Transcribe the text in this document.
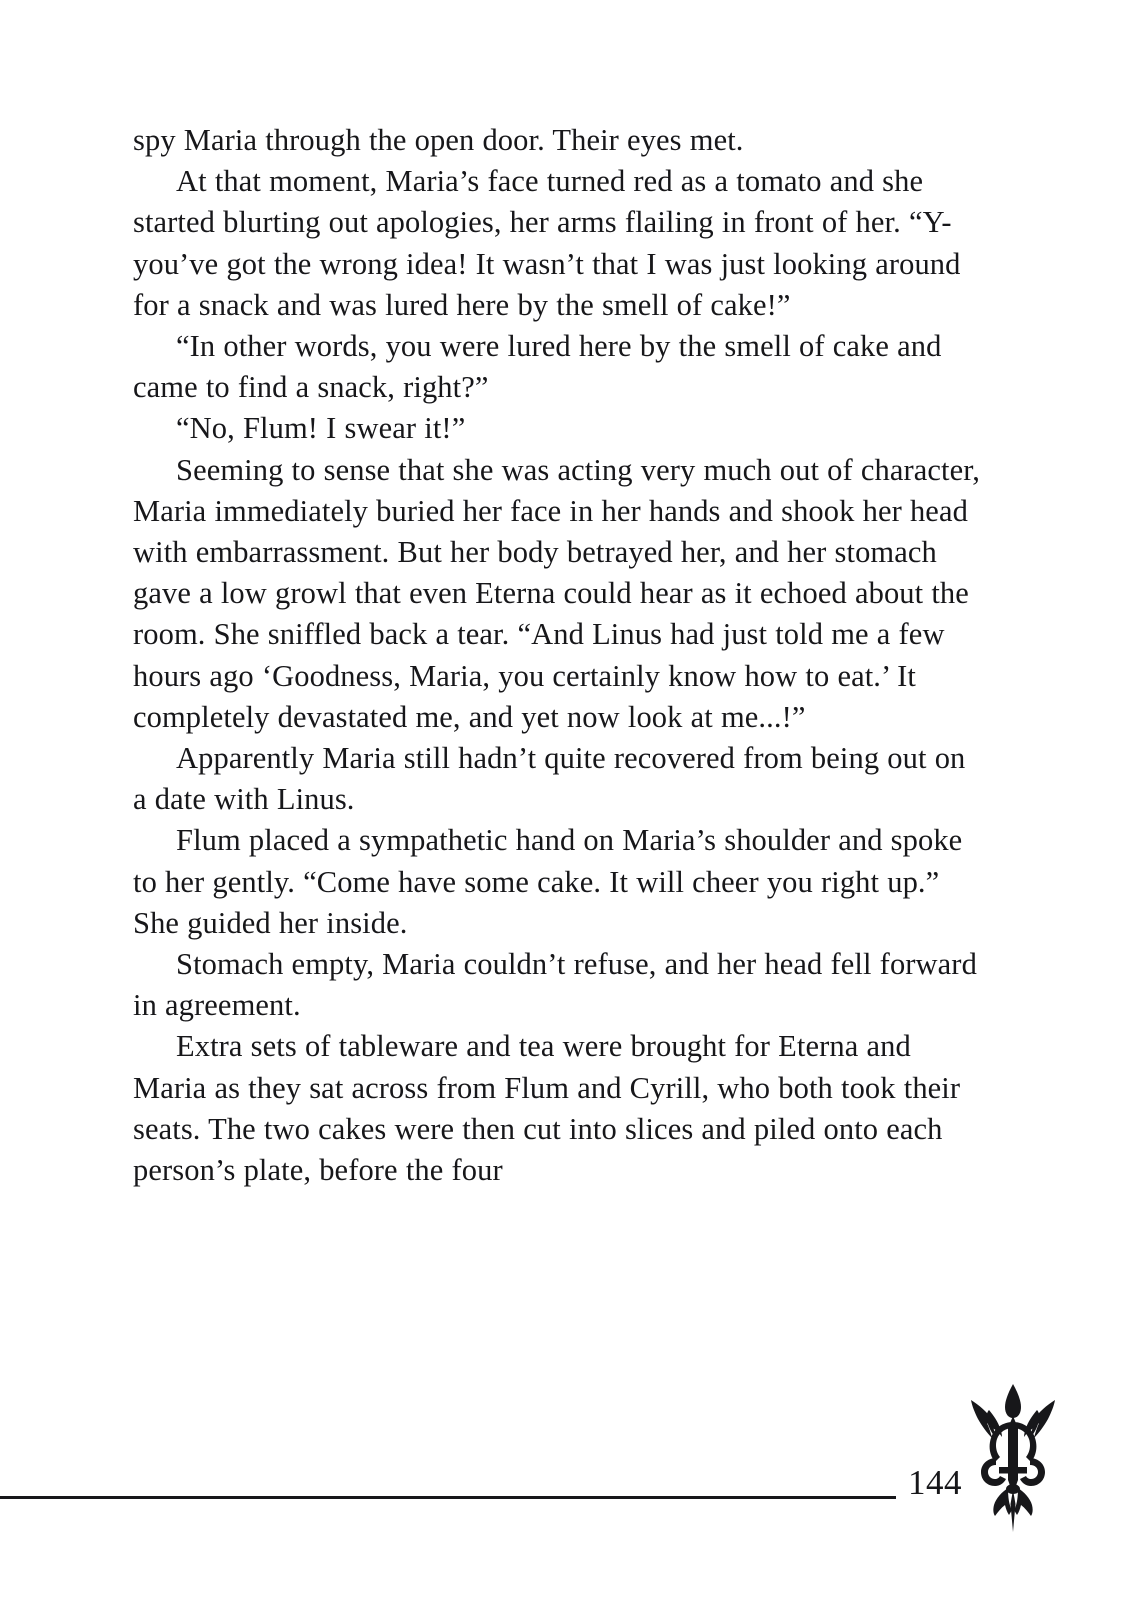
spy Maria through the open door. Their eyes met.

At that moment, Maria’s face turned red as a tomato and she started blurting out apologies, her arms flailing in front of her. “Y-you’ve got the wrong idea! It wasn’t that I was just looking around for a snack and was lured here by the smell of cake!”

“In other words, you were lured here by the smell of cake and came to find a snack, right?”

“No, Flum! I swear it!”

Seeming to sense that she was acting very much out of character, Maria immediately buried her face in her hands and shook her head with embarrassment. But her body betrayed her, and her stomach gave a low growl that even Eterna could hear as it echoed about the room. She sniffled back a tear. “And Linus had just told me a few hours ago ‘Goodness, Maria, you certainly know how to eat.’ It completely devastated me, and yet now look at me...!”

Apparently Maria still hadn’t quite recovered from being out on a date with Linus.

Flum placed a sympathetic hand on Maria’s shoulder and spoke to her gently. “Come have some cake. It will cheer you right up.” She guided her inside.

Stomach empty, Maria couldn’t refuse, and her head fell forward in agreement.

Extra sets of tableware and tea were brought for Eterna and Maria as they sat across from Flum and Cyrill, who both took their seats. The two cakes were then cut into slices and piled onto each person’s plate, before the four

144
